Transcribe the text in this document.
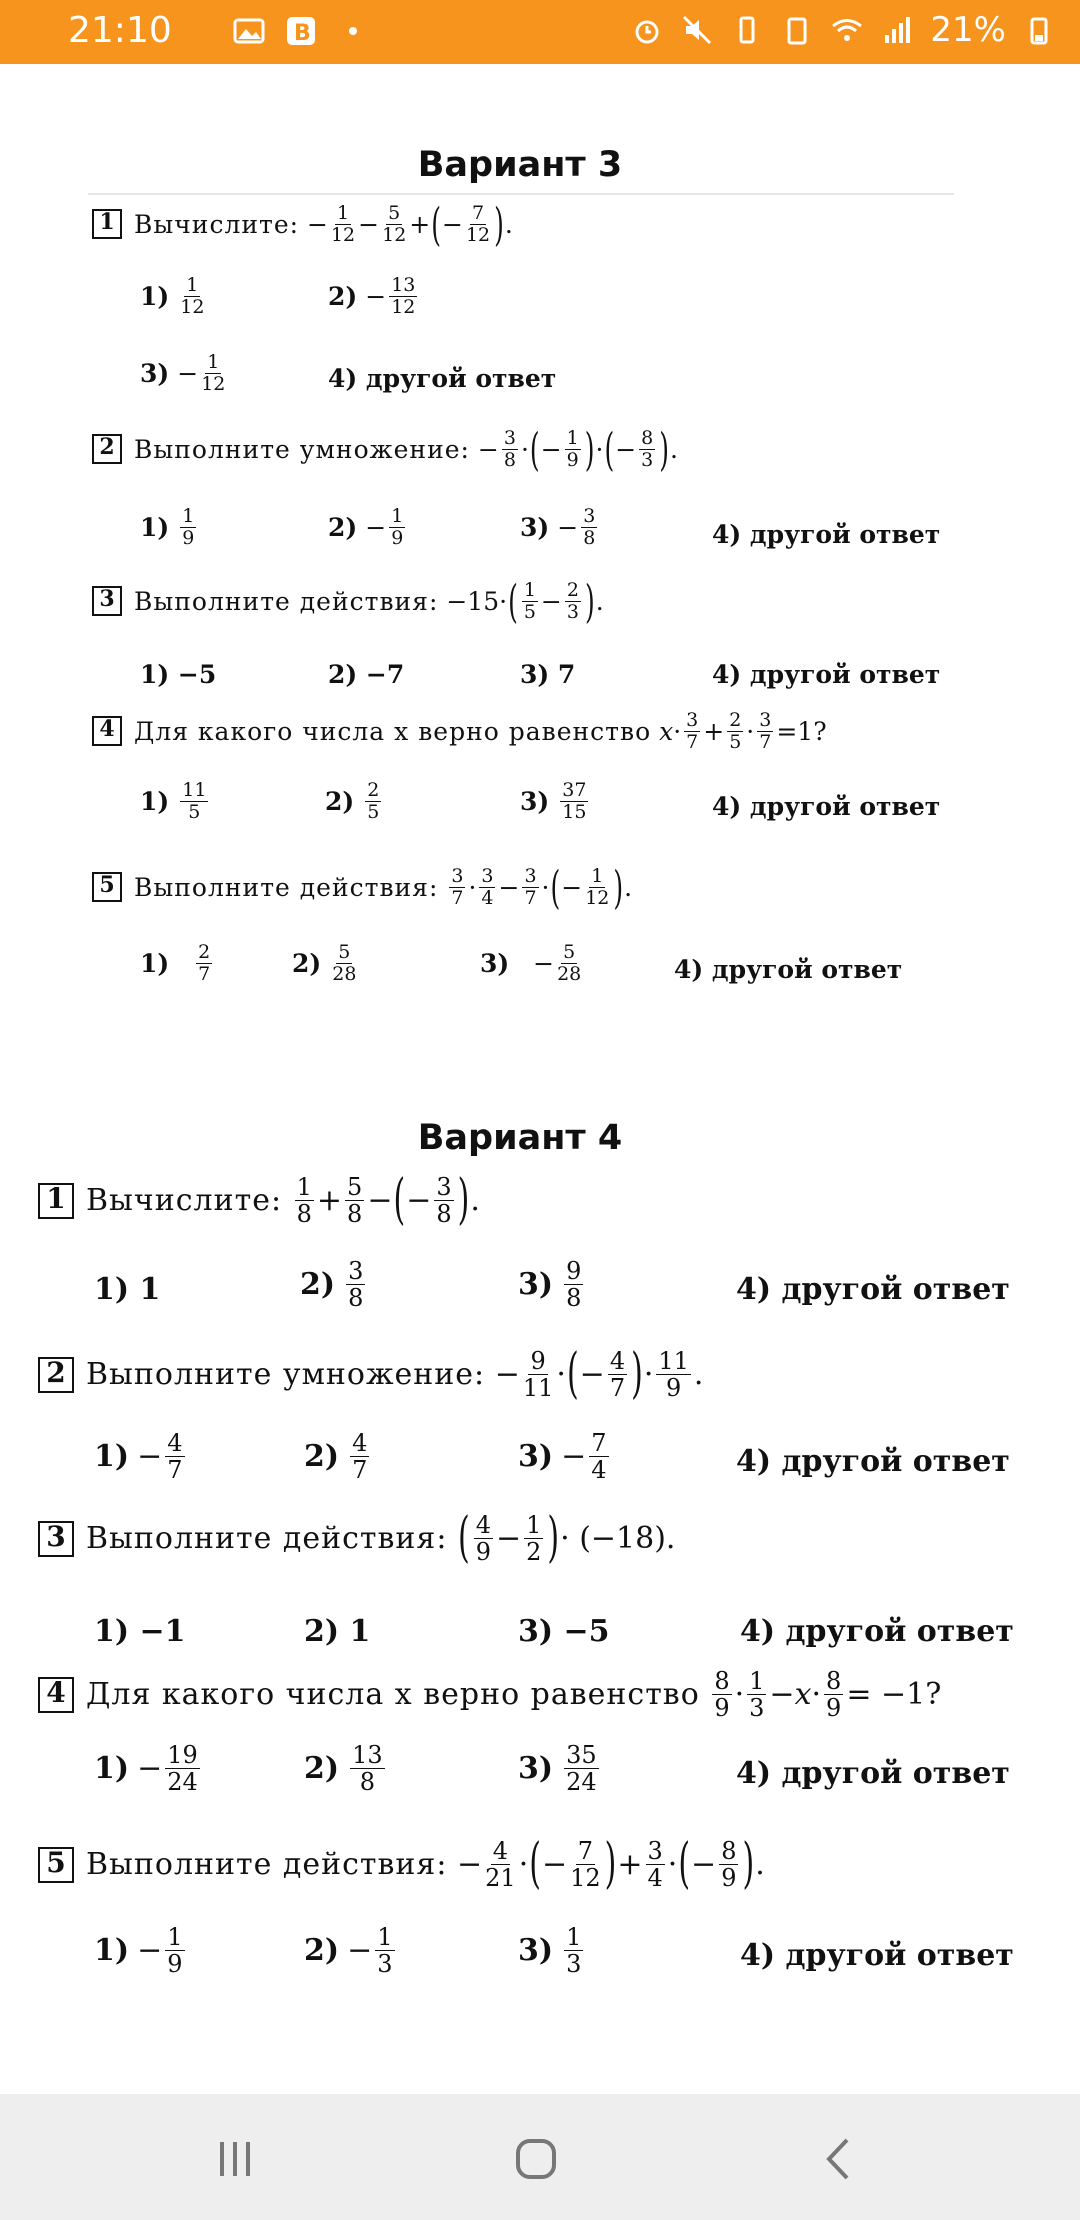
21:10	В	21%
Вариант 3
1 Вычислите:
− $\frac{1}{12} - \frac{5}{12}$ + ( − $\frac{7}{12}$ ) .
$1) \frac{1}{12}$	$2) - \frac{13}{12}$
$3) - \frac{1}{12}$	4) другой ответ
2 Выполните умножение:
− $\frac{3}{8}$ · ( − $\frac{1}{9}$ ) · ( − $\frac{8}{3}$ ) .
$1) \frac{1}{9}$	$2) - \frac{1}{9}$	$3) - \frac{3}{8}$	4) другой ответ
3 Выполните действия:
−15 · ( $\frac{1}{5} - \frac{2}{3}$ ) .
1) −5	2) −7	3) 7	4) другой ответ
4 Для какого числа x верно равенство
$x \cdot \frac{3}{7} + \frac{2}{5} \cdot \frac{3}{7} =1$?
$1) \frac{11}{5}$	$2) \frac{2}{5}$	$3) \frac{37}{15}$	4) другой ответ
5 Выполните действия:
$\frac{3}{7} \cdot \frac{3}{4} - \frac{3}{7}$ · ( − $\frac{1}{12}$ ) .
1)
$\frac{2}{7}$	$2) \frac{5}{28}$	3)
− $\frac{5}{28}$	4) другой ответ
Вариант 4
1 Вычислите:
$\frac{1}{8} + \frac{5}{8}$ − ( − $\frac{3}{8}$ ) .
1) 1	$2) \frac{3}{8}$	$3) \frac{9}{8}$	4) другой ответ
2 Выполните умножение:
− $\frac{9}{11}$ · ( − $\frac{4}{7}$ ) · $\frac{11}{9}$ .
$1) - \frac{4}{7}$	$2) \frac{4}{7}$	$3) - \frac{7}{4}$	4) другой ответ
3 Выполните действия:
( $\frac{4}{9} - \frac{1}{2}$ ) · (−18).
1) −1	2) 1	3) −5	4) другой ответ
4 Для какого числа x верно равенство
$\frac{8}{9} \cdot \frac{1}{3} - x \cdot \frac{8}{9} = -1$?
$1) - \frac{19}{24}$	$2) \frac{13}{8}$	$3) \frac{35}{24}$	4) другой ответ
5 Выполните действия:
− $\frac{4}{21}$ · ( − $\frac{7}{12}$ ) + $\frac{3}{4}$ · ( − $\frac{8}{9}$ ) .
$1) - \frac{1}{9}$	$2) - \frac{1}{3}$	$3) \frac{1}{3}$	4) другой ответ
